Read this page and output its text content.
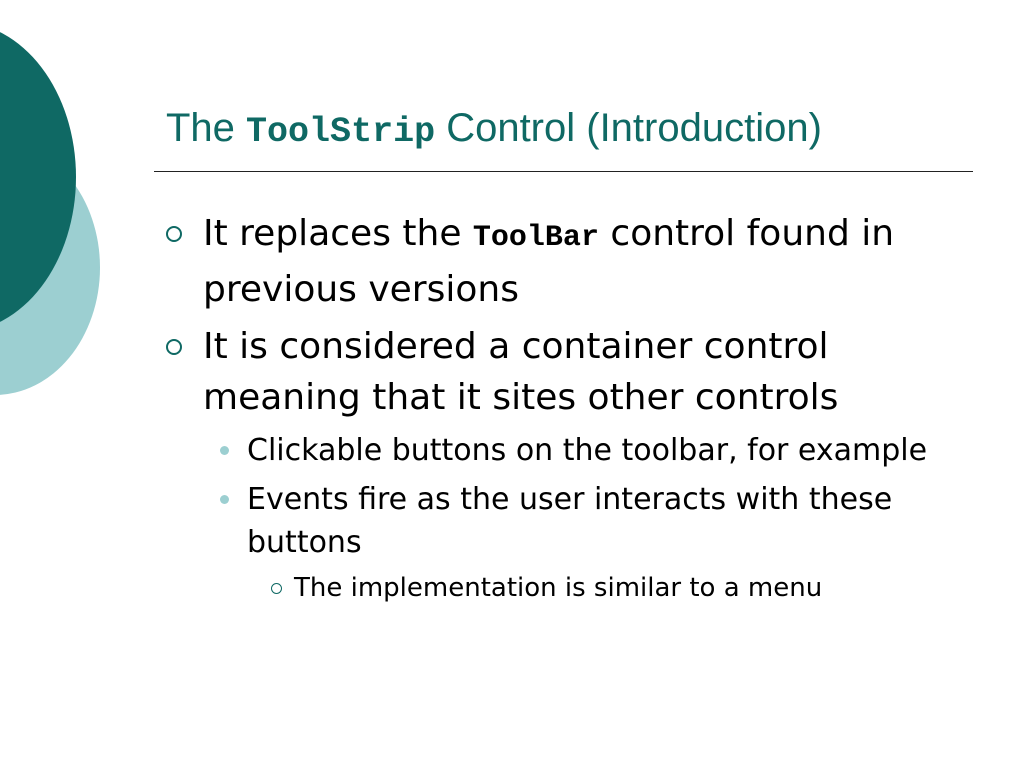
The ToolStrip Control (Introduction)
It replaces the ToolBar control found in previous versions
It is considered a container control meaning that it sites other controls
Clickable buttons on the toolbar, for example
Events fire as the user interacts with these buttons
The implementation is similar to a menu
